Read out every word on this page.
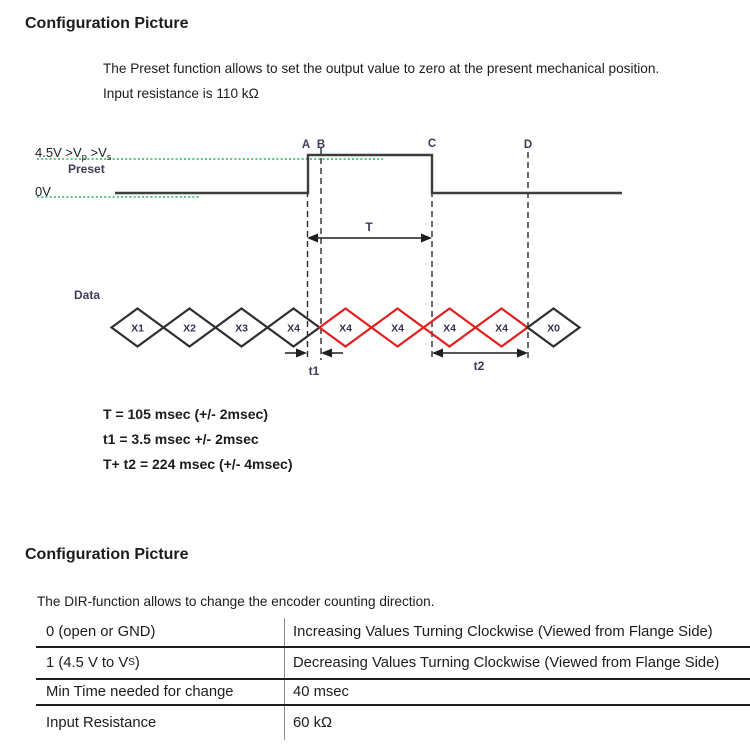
Configuration Picture

The Preset function allows to set the output value to zero at the present mechanical position.

Input resistance is 110 kΩ

X1	X2	X3	X4	X4	X4	X4	X4	X0
A B	C	D
$4.5V >V_p >V_s$
Preset
0V
Data
T
t1	t2
T = 105 msec (+/- 2msec)
t1 = 3.5 msec +/- 2msec
T+ t2 = 224 msec (+/- 4msec)
Configuration Picture

The DIR-function allows to change the encoder counting direction.

0 (open or GND)	Increasing Values Turning Clockwise (Viewed from Flange Side)
1 (4.5 V to V S )	Decreasing Values Turning Clockwise (Viewed from Flange Side)
Min Time needed for change	40 msec
Input Resistance	60 kΩ
